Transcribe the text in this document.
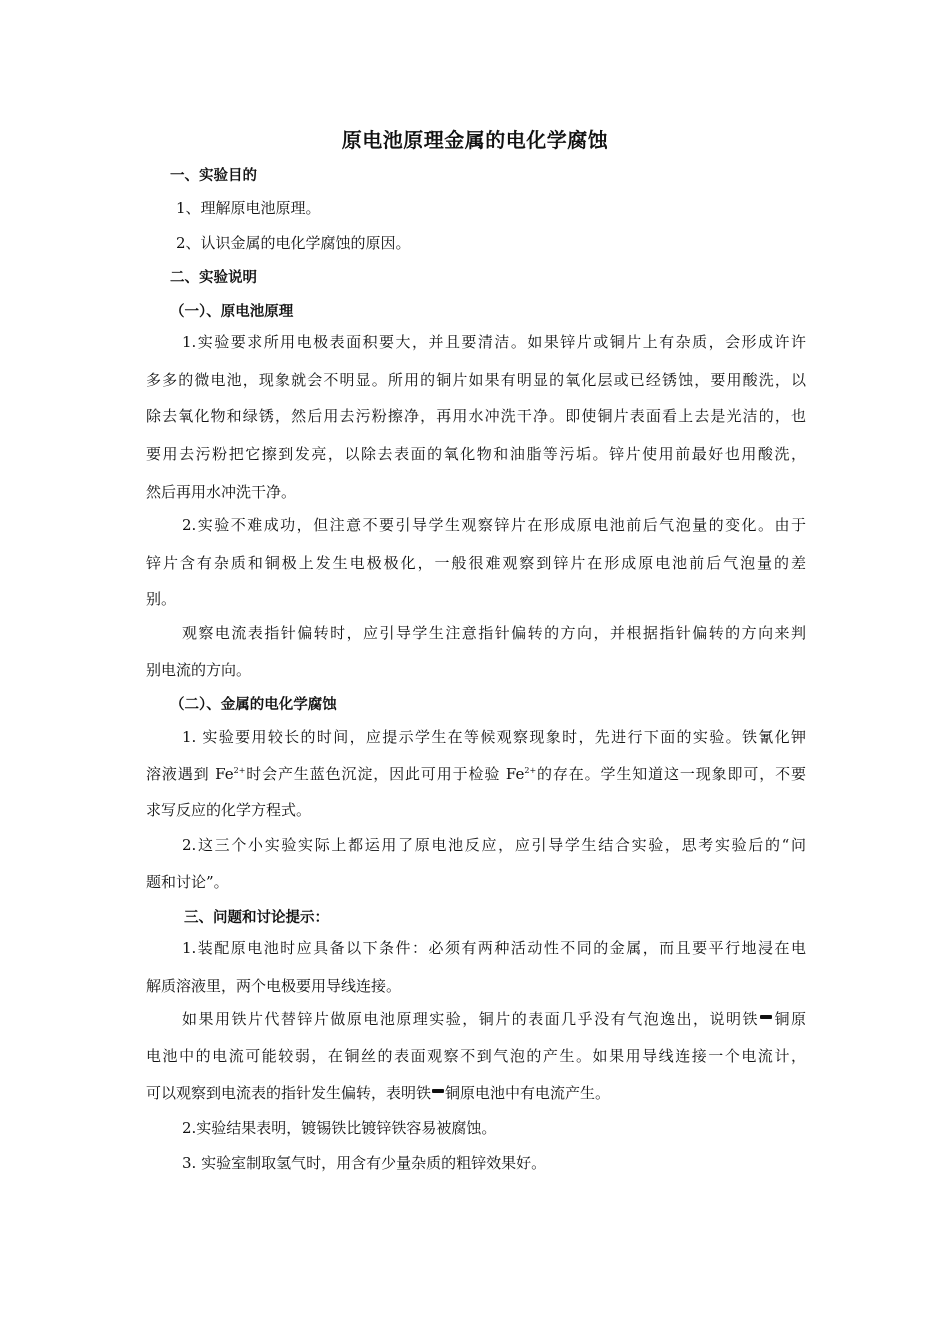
原电池原理金属的电化学腐蚀
一、实验目的
1、理解原电池原理。
2、认识金属的电化学腐蚀的原因。
二、实验说明
（一）、原电池原理
1.实验要求所用电极表面积要大，并且要清洁。如果锌片或铜片上有杂质，会形成许许
多多的微电池，现象就会不明显。所用的铜片如果有明显的氧化层或已经锈蚀，要用酸洗，以
除去氧化物和绿锈，然后用去污粉擦净，再用水冲洗干净。即使铜片表面看上去是光洁的，也
要用去污粉把它擦到发亮，以除去表面的氧化物和油脂等污垢。锌片使用前最好也用酸洗，
然后再用水冲洗干净。
2.实验不难成功，但注意不要引导学生观察锌片在形成原电池前后气泡量的变化。由于
锌片含有杂质和铜极上发生电极极化，一般很难观察到锌片在形成原电池前后气泡量的差
别。
观察电流表指针偏转时，应引导学生注意指针偏转的方向，并根据指针偏转的方向来判
别电流的方向。
（二）、金属的电化学腐蚀
1. 实验要用较长的时间，应提示学生在等候观察现象时，先进行下面的实验。铁氰化钾
溶液遇到 $Fe^{2+}$时会产生蓝色沉淀，因此可用于检验 $Fe^{2+}$的存在。学生知道这一现象即可，不要
求写反应的化学方程式。
2.这三个小实验实际上都运用了原电池反应，应引导学生结合实验，思考实验后的“问
题和讨论”。
三、问题和讨论提示：
1.装配原电池时应具备以下条件：必须有两种活动性不同的金属，而且要平行地浸在电
解质溶液里，两个电极要用导线连接。
如果用铁片代替锌片做原电池原理实验，铜片的表面几乎没有气泡逸出，说明铁 铜原
电池中的电流可能较弱，在铜丝的表面观察不到气泡的产生。如果用导线连接一个电流计，
可以观察到电流表的指针发生偏转，表明铁 铜原电池中有电流产生。
2.实验结果表明，镀锡铁比镀锌铁容易被腐蚀。
3. 实验室制取氢气时，用含有少量杂质的粗锌效果好。
